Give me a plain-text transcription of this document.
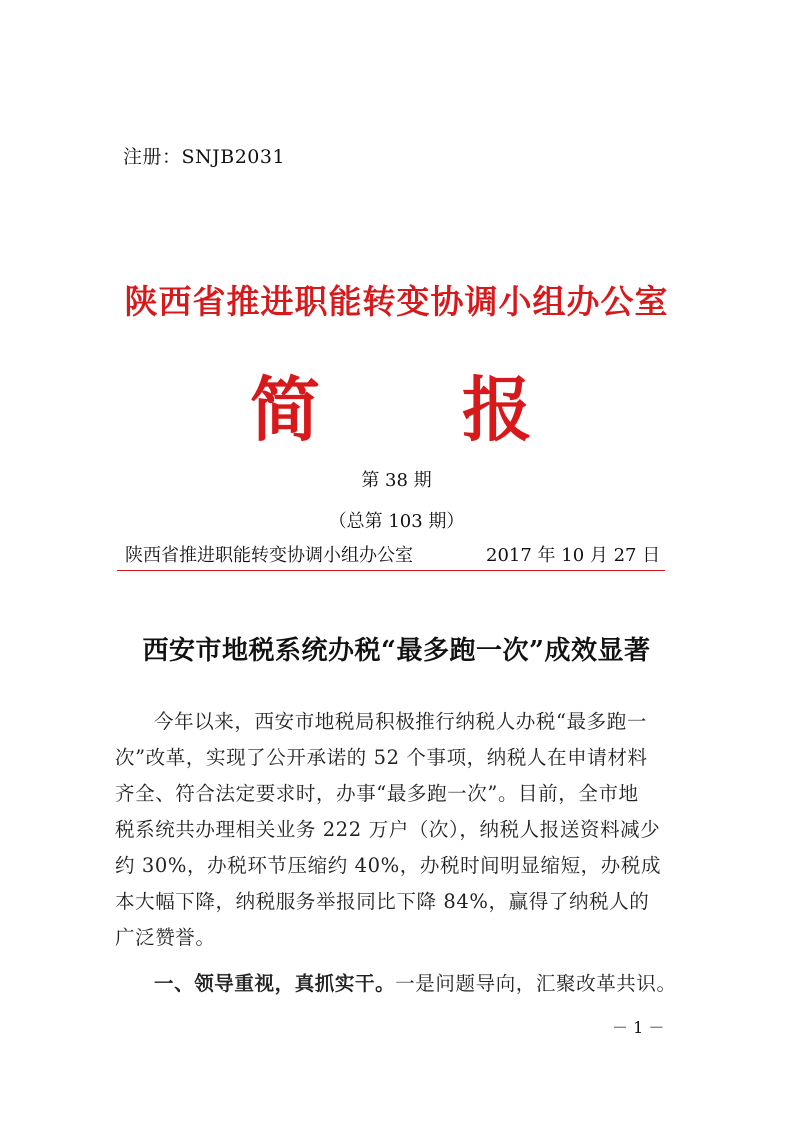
注册：SNJB2031
陕西省推进职能转变协调小组办公室
简 报
第 38 期
（总第 103 期）
陕西省推进职能转变协调小组办公室	2017 年 10 月 27 日
西安市地税系统办税“最多跑一次”成效显著
今年以来，西安市地税局积极推行纳税人办税“最多跑一
次”改革，实现了公开承诺的 52 个事项，纳税人在申请材料
齐全、符合法定要求时，办事“最多跑一次”。目前，全市地
税系统共办理相关业务 222 万户（次），纳税人报送资料减少
约 30%，办税环节压缩约 40%，办税时间明显缩短，办税成
本大幅下降，纳税服务举报同比下降 84%，赢得了纳税人的
广泛赞誉。
一、领导重视，真抓实干。一是问题导向，汇聚改革共识。
－ 1 －
